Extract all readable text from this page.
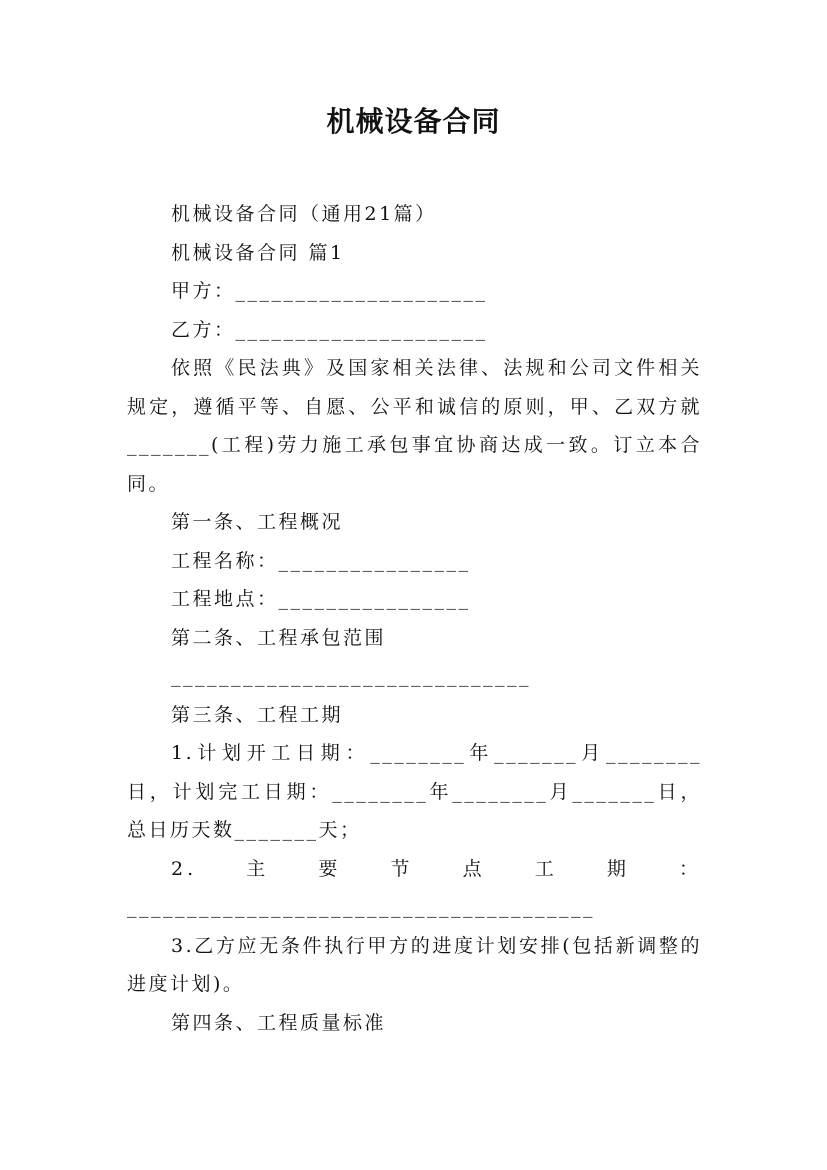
机械设备合同

机械设备合同（通用21篇）

机械设备合同 篇1

甲方：_____________________

乙方：_____________________

依照《民法典》及国家相关法律、法规和公司文件相关规定，遵循平等、自愿、公平和诚信的原则，甲、乙双方就_______(工程)劳力施工承包事宜协商达成一致。订立本合同。

第一条、工程概况

工程名称：________________

工程地点：________________

第二条、工程承包范围

______________________________

第三条、工程工期

1.计划开工日期：________年_______月________日，计划完工日期：________年________月_______日，总日历天数_______天；

2.　主　要　节　点　工　期　：

_______________________________________

3.乙方应无条件执行甲方的进度计划安排(包括新调整的进度计划)。

第四条、工程质量标准
